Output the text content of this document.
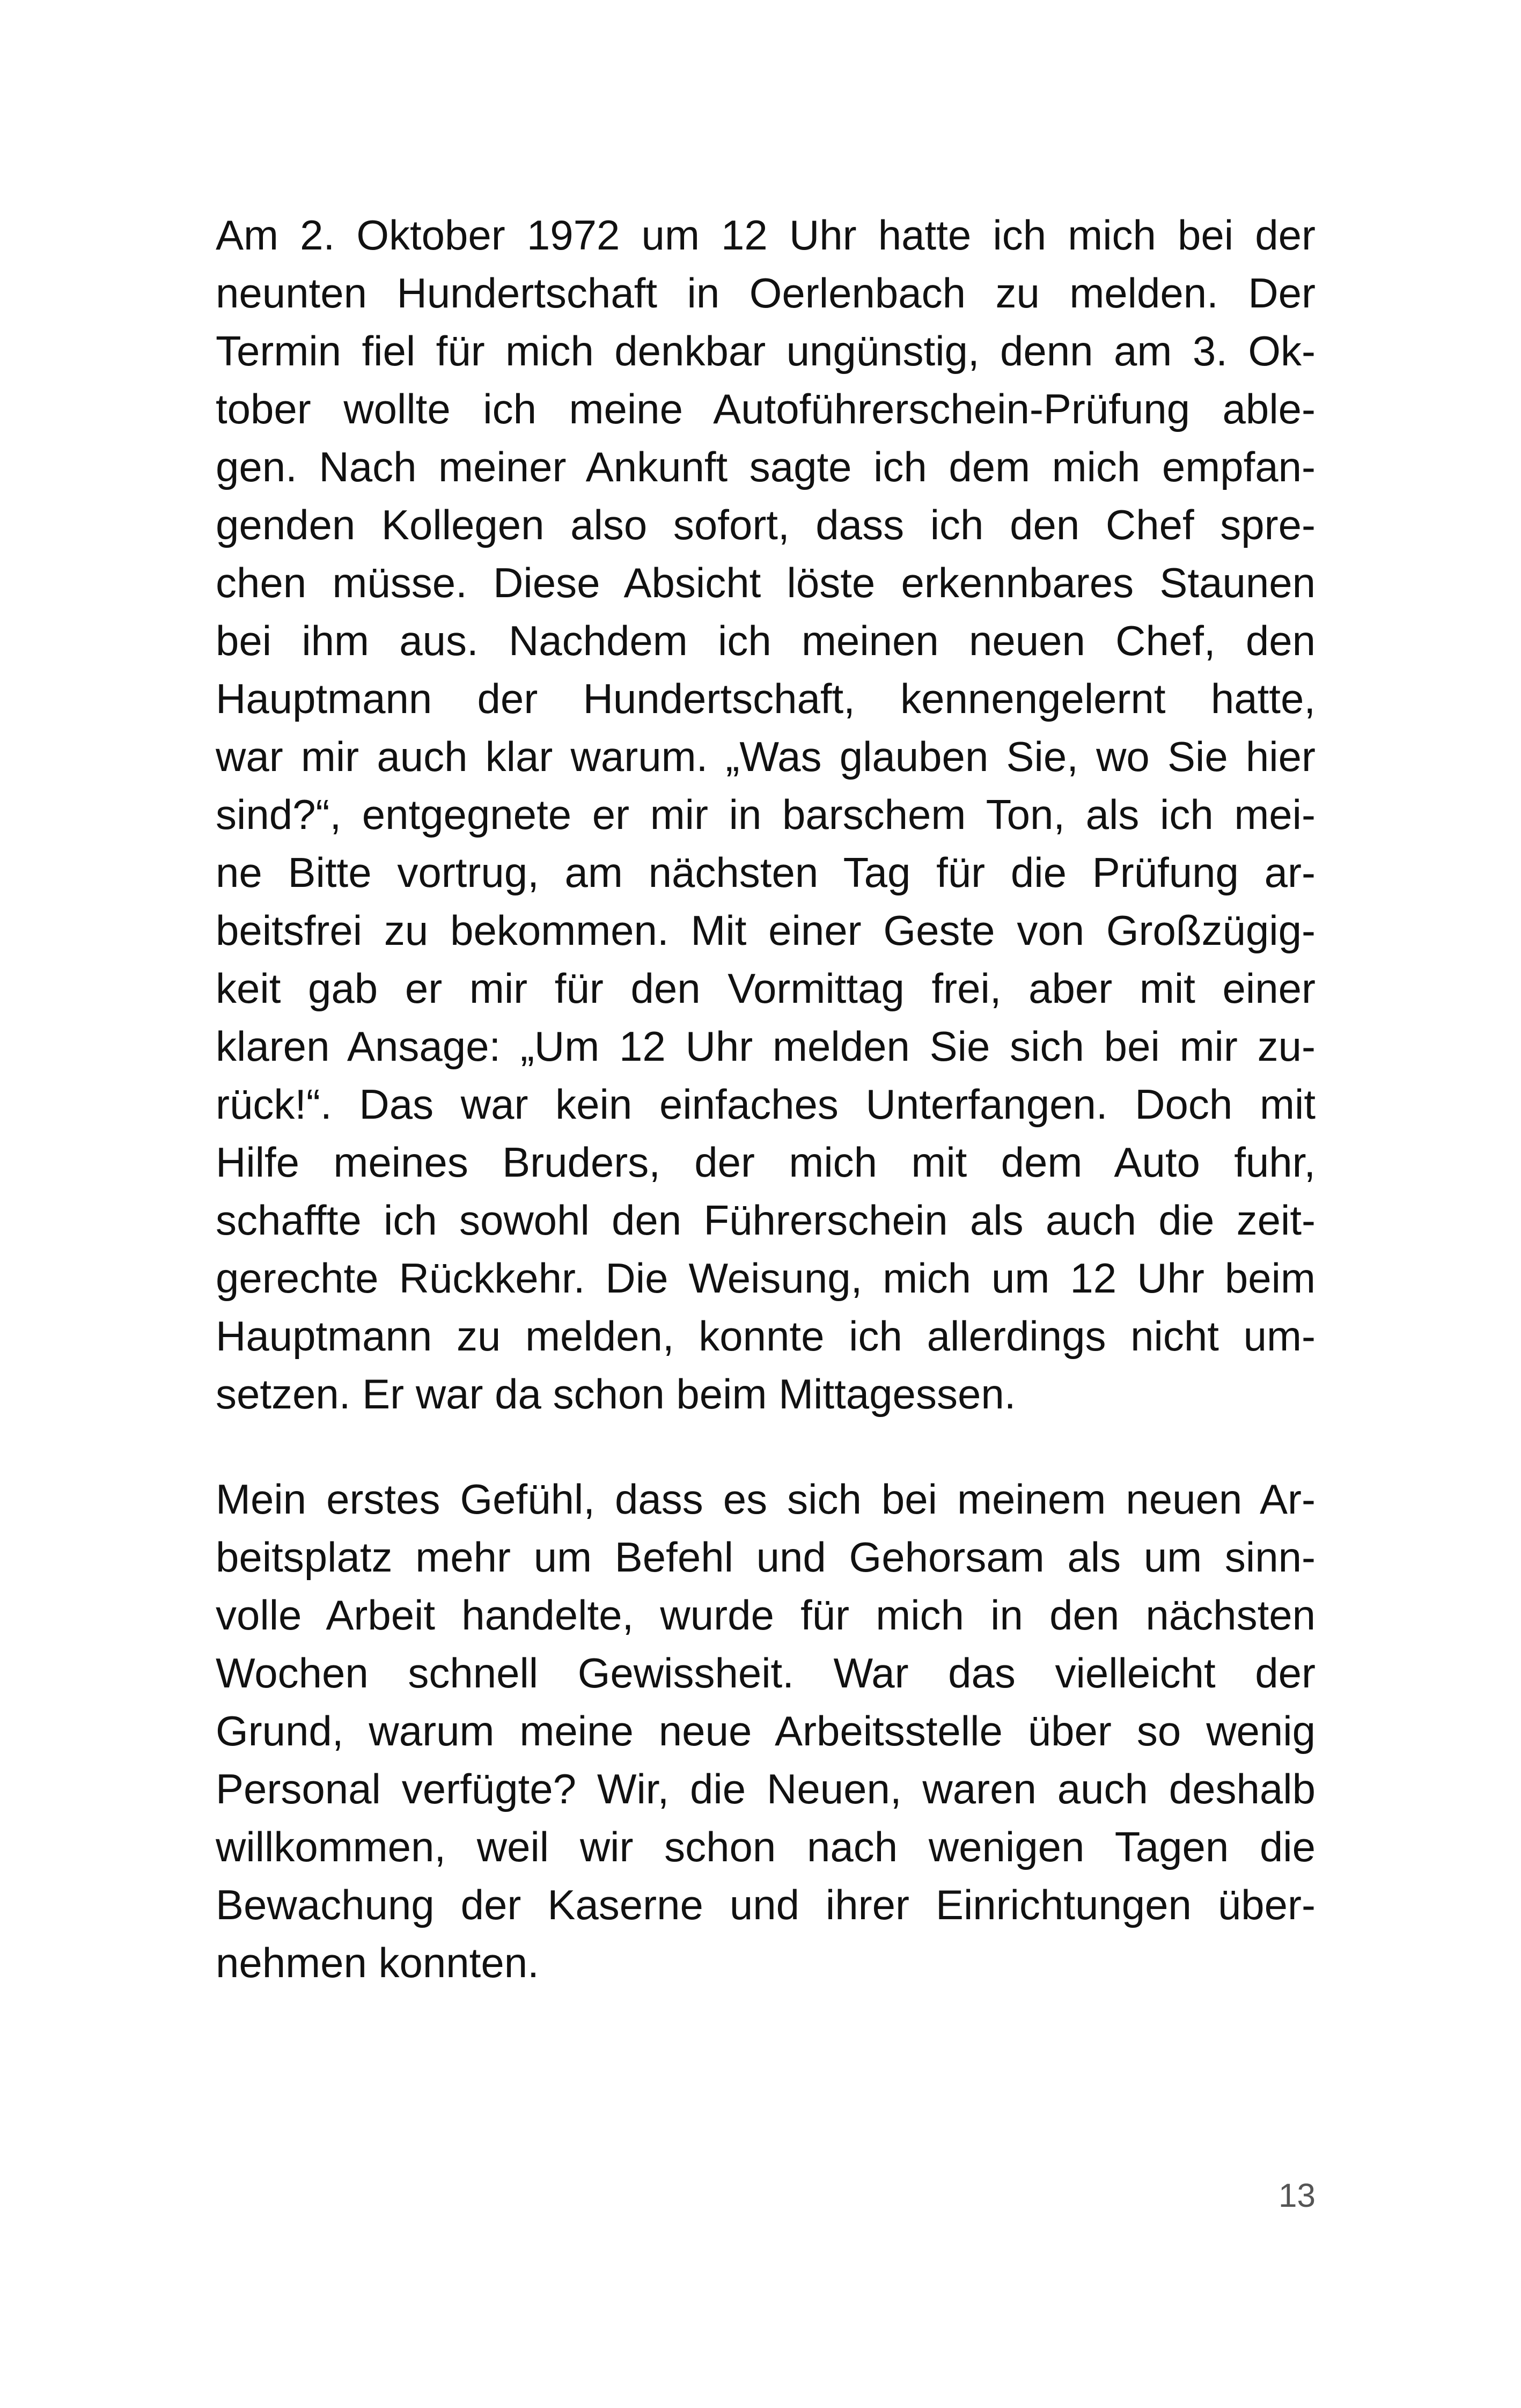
Am 2. Oktober 1972 um 12 Uhr hatte ich mich bei der
neunten Hundertschaft in Oerlenbach zu melden. Der
Termin fiel für mich denkbar ungünstig, denn am 3. Ok-
tober wollte ich meine Autoführerschein-Prüfung able-
gen. Nach meiner Ankunft sagte ich dem mich empfan-
genden Kollegen also sofort, dass ich den Chef spre-
chen müsse. Diese Absicht löste erkennbares Staunen
bei ihm aus. Nachdem ich meinen neuen Chef, den
Hauptmann der Hundertschaft, kennengelernt hatte,
war mir auch klar warum. „Was glauben Sie, wo Sie hier
sind?“, entgegnete er mir in barschem Ton, als ich mei-
ne Bitte vortrug, am nächsten Tag für die Prüfung ar-
beitsfrei zu bekommen. Mit einer Geste von Großzügig-
keit gab er mir für den Vormittag frei, aber mit einer
klaren Ansage: „Um 12 Uhr melden Sie sich bei mir zu-
rück!“. Das war kein einfaches Unterfangen. Doch mit
Hilfe meines Bruders, der mich mit dem Auto fuhr,
schaffte ich sowohl den Führerschein als auch die zeit-
gerechte Rückkehr. Die Weisung, mich um 12 Uhr beim
Hauptmann zu melden, konnte ich allerdings nicht um-
setzen. Er war da schon beim Mittagessen.
Mein erstes Gefühl, dass es sich bei meinem neuen Ar-
beitsplatz mehr um Befehl und Gehorsam als um sinn-
volle Arbeit handelte, wurde für mich in den nächsten
Wochen schnell Gewissheit. War das vielleicht der
Grund, warum meine neue Arbeitsstelle über so wenig
Personal verfügte? Wir, die Neuen, waren auch deshalb
willkommen, weil wir schon nach wenigen Tagen die
Bewachung der Kaserne und ihrer Einrichtungen über-
nehmen konnten.
13
